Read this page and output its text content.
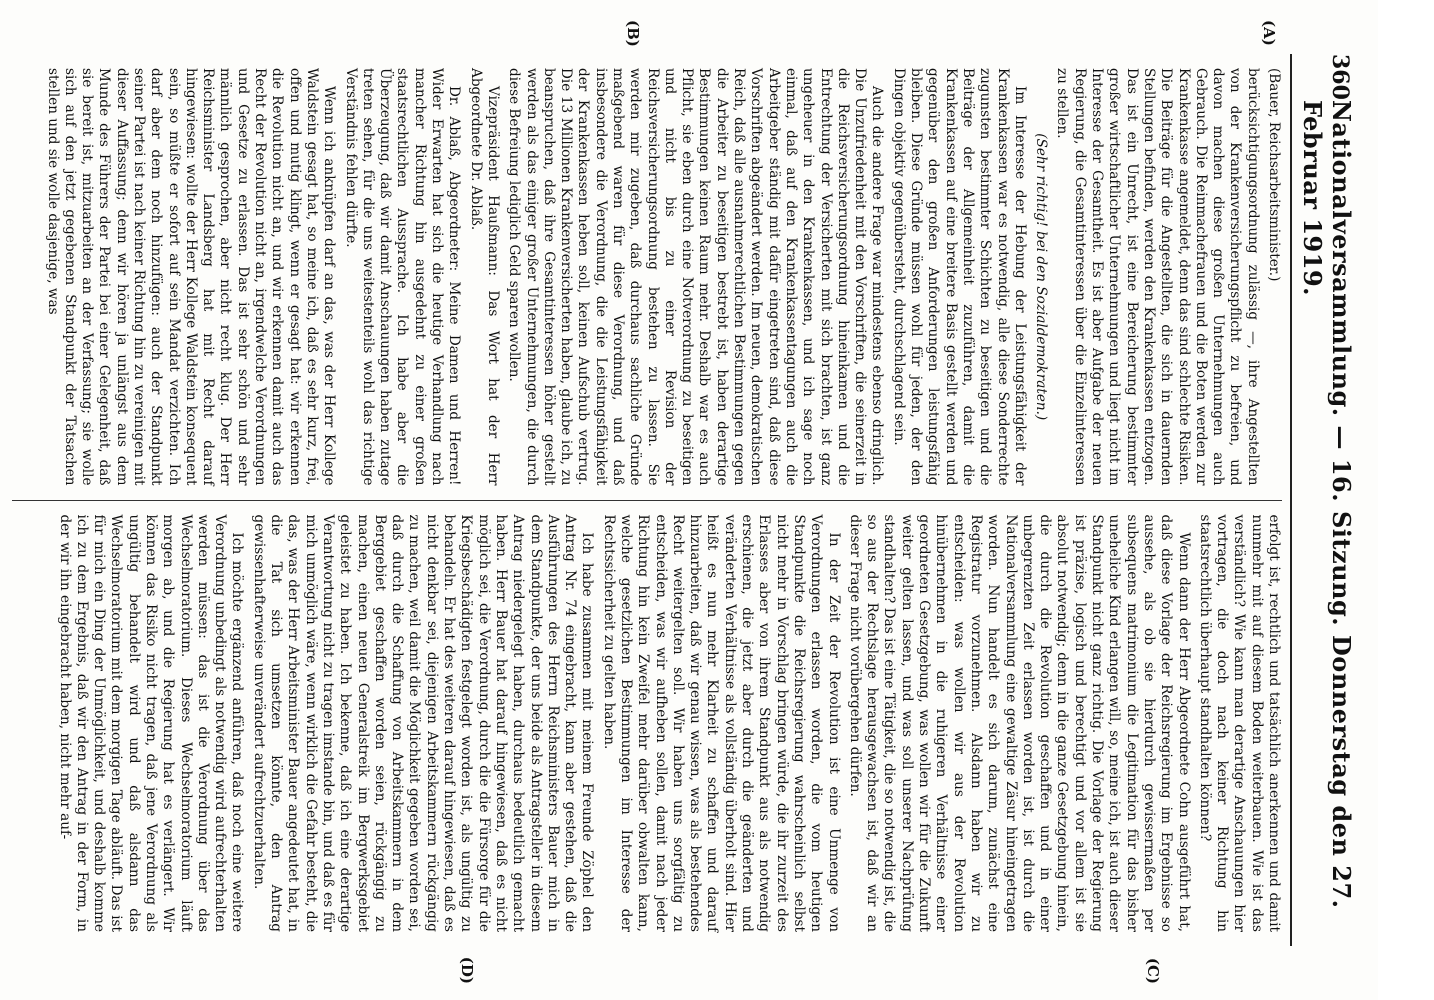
360
Nationalversammlung. — 16. Sitzung. Donnerstag den 27. Februar 1919.
(A)
(B)

(Bauer, Reichsarbeitsminister.)

berücksichtigungsordnung zulässig —, ihre Angestellten von der Krankenversicherungspflicht zu befreien, und davon machen diese großen Unternehmungen auch Gebrauch. Die Reinmachefrauen und die Boten werden zur Krankenkasse angemeldet, denn das sind schlechte Risiken. Die Beiträge für die Angestellten, die sich in dauernden Stellungen befinden, werden den Krankenkassen entzogen. Das ist ein Unrecht, ist eine Bereicherung bestimmter großer wirtschaftlicher Unternehmungen und liegt nicht im Interesse der Gesamtheit. Es ist aber Aufgabe der neuen Regierung, die Gesamtinteressen über die Einzelinteressen zu stellen.

(Sehr richtig! bei den Sozialdemokraten.)

Im Interesse der Hebung der Leistungsfähigkeit der Krankenkassen war es notwendig, alle diese Sonderrechte zugunsten bestimmter Schichten zu beseitigen und die Beiträge der Allgemeinheit zuzuführen, damit die Krankenkassen auf eine breitere Basis gestellt werden und gegenüber den großen Anforderungen leistungsfähig bleiben. Diese Gründe müssen wohl für jeden, der den Dingen objektiv gegenübersteht, durchschlagend sein.

Auch die andere Frage war mindestens ebenso dringlich. Die Unzufriedenheit mit den Vorschriften, die seinerzeit in die Reichsversicherungsordnung hineinkamen und die Entrechtung der Versicherten mit sich brachten, ist ganz ungeheuer in den Krankenkassen, und ich sage noch einmal, daß auf den Krankenkassentagungen auch die Arbeitgeber ständig mit dafür eingetreten sind, daß diese Vorschriften abgeändert werden. Im neuen, demokratischen Reich, daß alle ausnahmerechtlichen Bestimmungen gegen die Arbeiter zu beseitigen bestrebt ist, haben derartige Bestimmungen keinen Raum mehr. Deshalb war es auch Pflicht, sie eben durch eine Notverordnung zu beseitigen und nicht bis zu einer Revision der Reichsversicherungsordnung bestehen zu lassen. Sie werden mir zugeben, daß durchaus sachliche Gründe maßgebend waren für diese Verordnung, und daß insbesondere die Verordnung, die die Leistungsfähigkeit der Krankenkassen heben soll, keinen Aufschub vertrug. Die 13 Millionen Krankenversicherten haben, glaube ich, zu beanspruchen, daß ihre Gesamtinteressen höher gestellt werden als das einiger großer Unternehmungen, die durch diese Befreiung lediglich Geld sparen wollen.

Vizepräsident Haußmann: Das Wort hat der Herr Abgeordnete Dr. Ablaß.

Dr. Ablaß, Abgeordneter: Meine Damen und Herren! Wider Erwarten hat sich die heutige Verhandlung nach mancher Richtung hin ausgedehnt zu einer großen staatsrechtlichen Aussprache. Ich habe aber die Überzeugung, daß wir damit Anschauungen haben zutage treten sehen, für die uns weitestenteils wohl das richtige Verständnis fehlen dürfte.

Wenn ich anknüpfen darf an das, was der Herr Kollege Waldstein gesagt hat, so meine ich, daß es sehr kurz, frei, offen und mutig klingt, wenn er gesagt hat: wir erkennen die Revolution nicht an, und wir erkennen damit auch das Recht der Revolution nicht an, irgendwelche Verordnungen und Gesetze zu erlassen. Das ist sehr schön und sehr männlich gesprochen, aber nicht recht klug. Der Herr Reichsminister Landsberg hat mit Recht darauf hingewiesen: wollte der Herr Kollege Waldstein konsequent sein, so müßte er sofort auf sein Mandat verzichten. Ich darf aber dem noch hinzufügen: auch der Standpunkt seiner Partei ist nach keiner Richtung hin zu vereinigen mit dieser Auffassung; denn wir hören ja unlängst aus dem Munde des Führers der Partei bei einer Gelegenheit, daß sie bereit ist, mitzuarbeiten an der Verfassung; sie wolle sich auf den jetzt gegebenen Standpunkt der Tatsachen stellen und sie wolle dasjenige, was

(C)
(D)

erfolgt ist, rechtlich und tatsächlich anerkennen und damit nunmehr mit auf diesem Boden weiterbauen. Wie ist das verständlich? Wie kann man derartige Anschauungen hier vortragen, die doch nach keiner Richtung hin staatsrechtlich überhaupt standhalten können?

Wenn dann der Herr Abgeordnete Cohn ausgeführt hat, daß diese Vorlage der Reichsregierung im Ergebnisse so aussehe, als ob sie hierdurch gewissermaßen per subsequens matrimonium die Legitimation für das bisher uneheliche Kind erlangen will, so, meine ich, ist auch dieser Standpunkt nicht ganz richtig. Die Vorlage der Regierung ist präzise, logisch und berechtigt und vor allem ist sie absolut notwendig; denn in die ganze Gesetzgebung hinein, die durch die Revolution geschaffen und in einer unbegrenzten Zeit erlassen worden ist, ist durch die Nationalversammlung eine gewaltige Zäsur hineingetragen worden. Nun handelt es sich darum, zunächst eine Registratur vorzunehmen. Alsdann haben wir zu entscheiden: was wollen wir aus der Revolution hinübernehmen in die ruhigeren Verhältnisse einer geordneten Gesetzgebung, was wollen wir für die Zukunft weiter gelten lassen, und was soll unserer Nachprüfung standhalten? Das ist eine Tätigkeit, die so notwendig ist, die so aus der Rechtslage herausgewachsen ist, daß wir an dieser Frage nicht vorübergehen dürfen.

In der Zeit der Revolution ist eine Unmenge von Verordnungen erlassen worden, die vom heutigen Standpunkte die Reichsregierung wahrscheinlich selbst nicht mehr in Vorschlag bringen würde, die ihr zurzeit des Erlasses aber von ihrem Standpunkt aus als notwendig erschienen, die jetzt aber durch die geänderten und veränderten Verhältnisse als vollständig überholt sind. Hier heißt es nun mehr Klarheit zu schaffen und darauf hinzuarbeiten, daß wir genau wissen, was als bestehendes Recht weitergelten soll. Wir haben uns sorgfältig zu entscheiden, was wir aufheben sollen, damit nach jeder Richtung hin kein Zweifel mehr darüber obwalten kann, welche gesetzlichen Bestimmungen im Interesse der Rechtssicherheit zu gelten haben.

Ich habe zusammen mit meinem Freunde Zöphel den Antrag Nr. 74 eingebracht, kann aber gestehen, daß die Ausführungen des Herrn Reichsministers Bauer mich in dem Standpunkte, der uns beide als Antragsteller in diesem Antrag niedergelegt haben, durchaus bedeutlich gemacht haben. Herr Bauer hat darauf hingewiesen, daß es nicht möglich sei, die Verordnung, durch die die Fürsorge für die Kriegsbeschädigten festgelegt worden ist, als ungültig zu behandeln. Er hat des weiteren darauf hingewiesen, daß es nicht denkbar sei, diejenigen Arbeitskammern rückgängig zu machen, weil damit die Möglichkeit gegeben worden sei, daß durch die Schaffung von Arbeitskammern in dem Berggebiet geschaffen worden seien, rückgängig zu machen, einen neuen Generalstreik im Bergwerksgebiet geleistet zu haben. Ich bekenne, daß ich eine derartige Verantwortung nicht zu tragen imstande bin, und daß es für mich unmöglich wäre, wenn wirklich die Gefahr besteht, die das, was der Herr Arbeitsminister Bauer angedeutet hat, in die Tat sich umsetzen könnte, den Antrag gewissenhafterweise unverändert aufrechtzuerhalten.

Ich möchte ergänzend anführen, daß noch eine weitere Verordnung unbedingt als notwendig wird aufrechterhalten werden müssen: das ist die Verordnung über das Wechselmoratorium. Dieses Wechselmoratorium läuft morgen ab, und die Regierung hat es verlängert. Wir können das Risiko nicht tragen, daß jene Verordnung als ungültig behandelt wird und daß alsdann das Wechselmoratorium mit dem morgigen Tage abläuft. Das ist für mich ein Ding der Unmöglichkeit, und deshalb komme ich zu dem Ergebnis, daß wir den Antrag in der Form, in der wir ihn eingebracht haben, nicht mehr auf-
